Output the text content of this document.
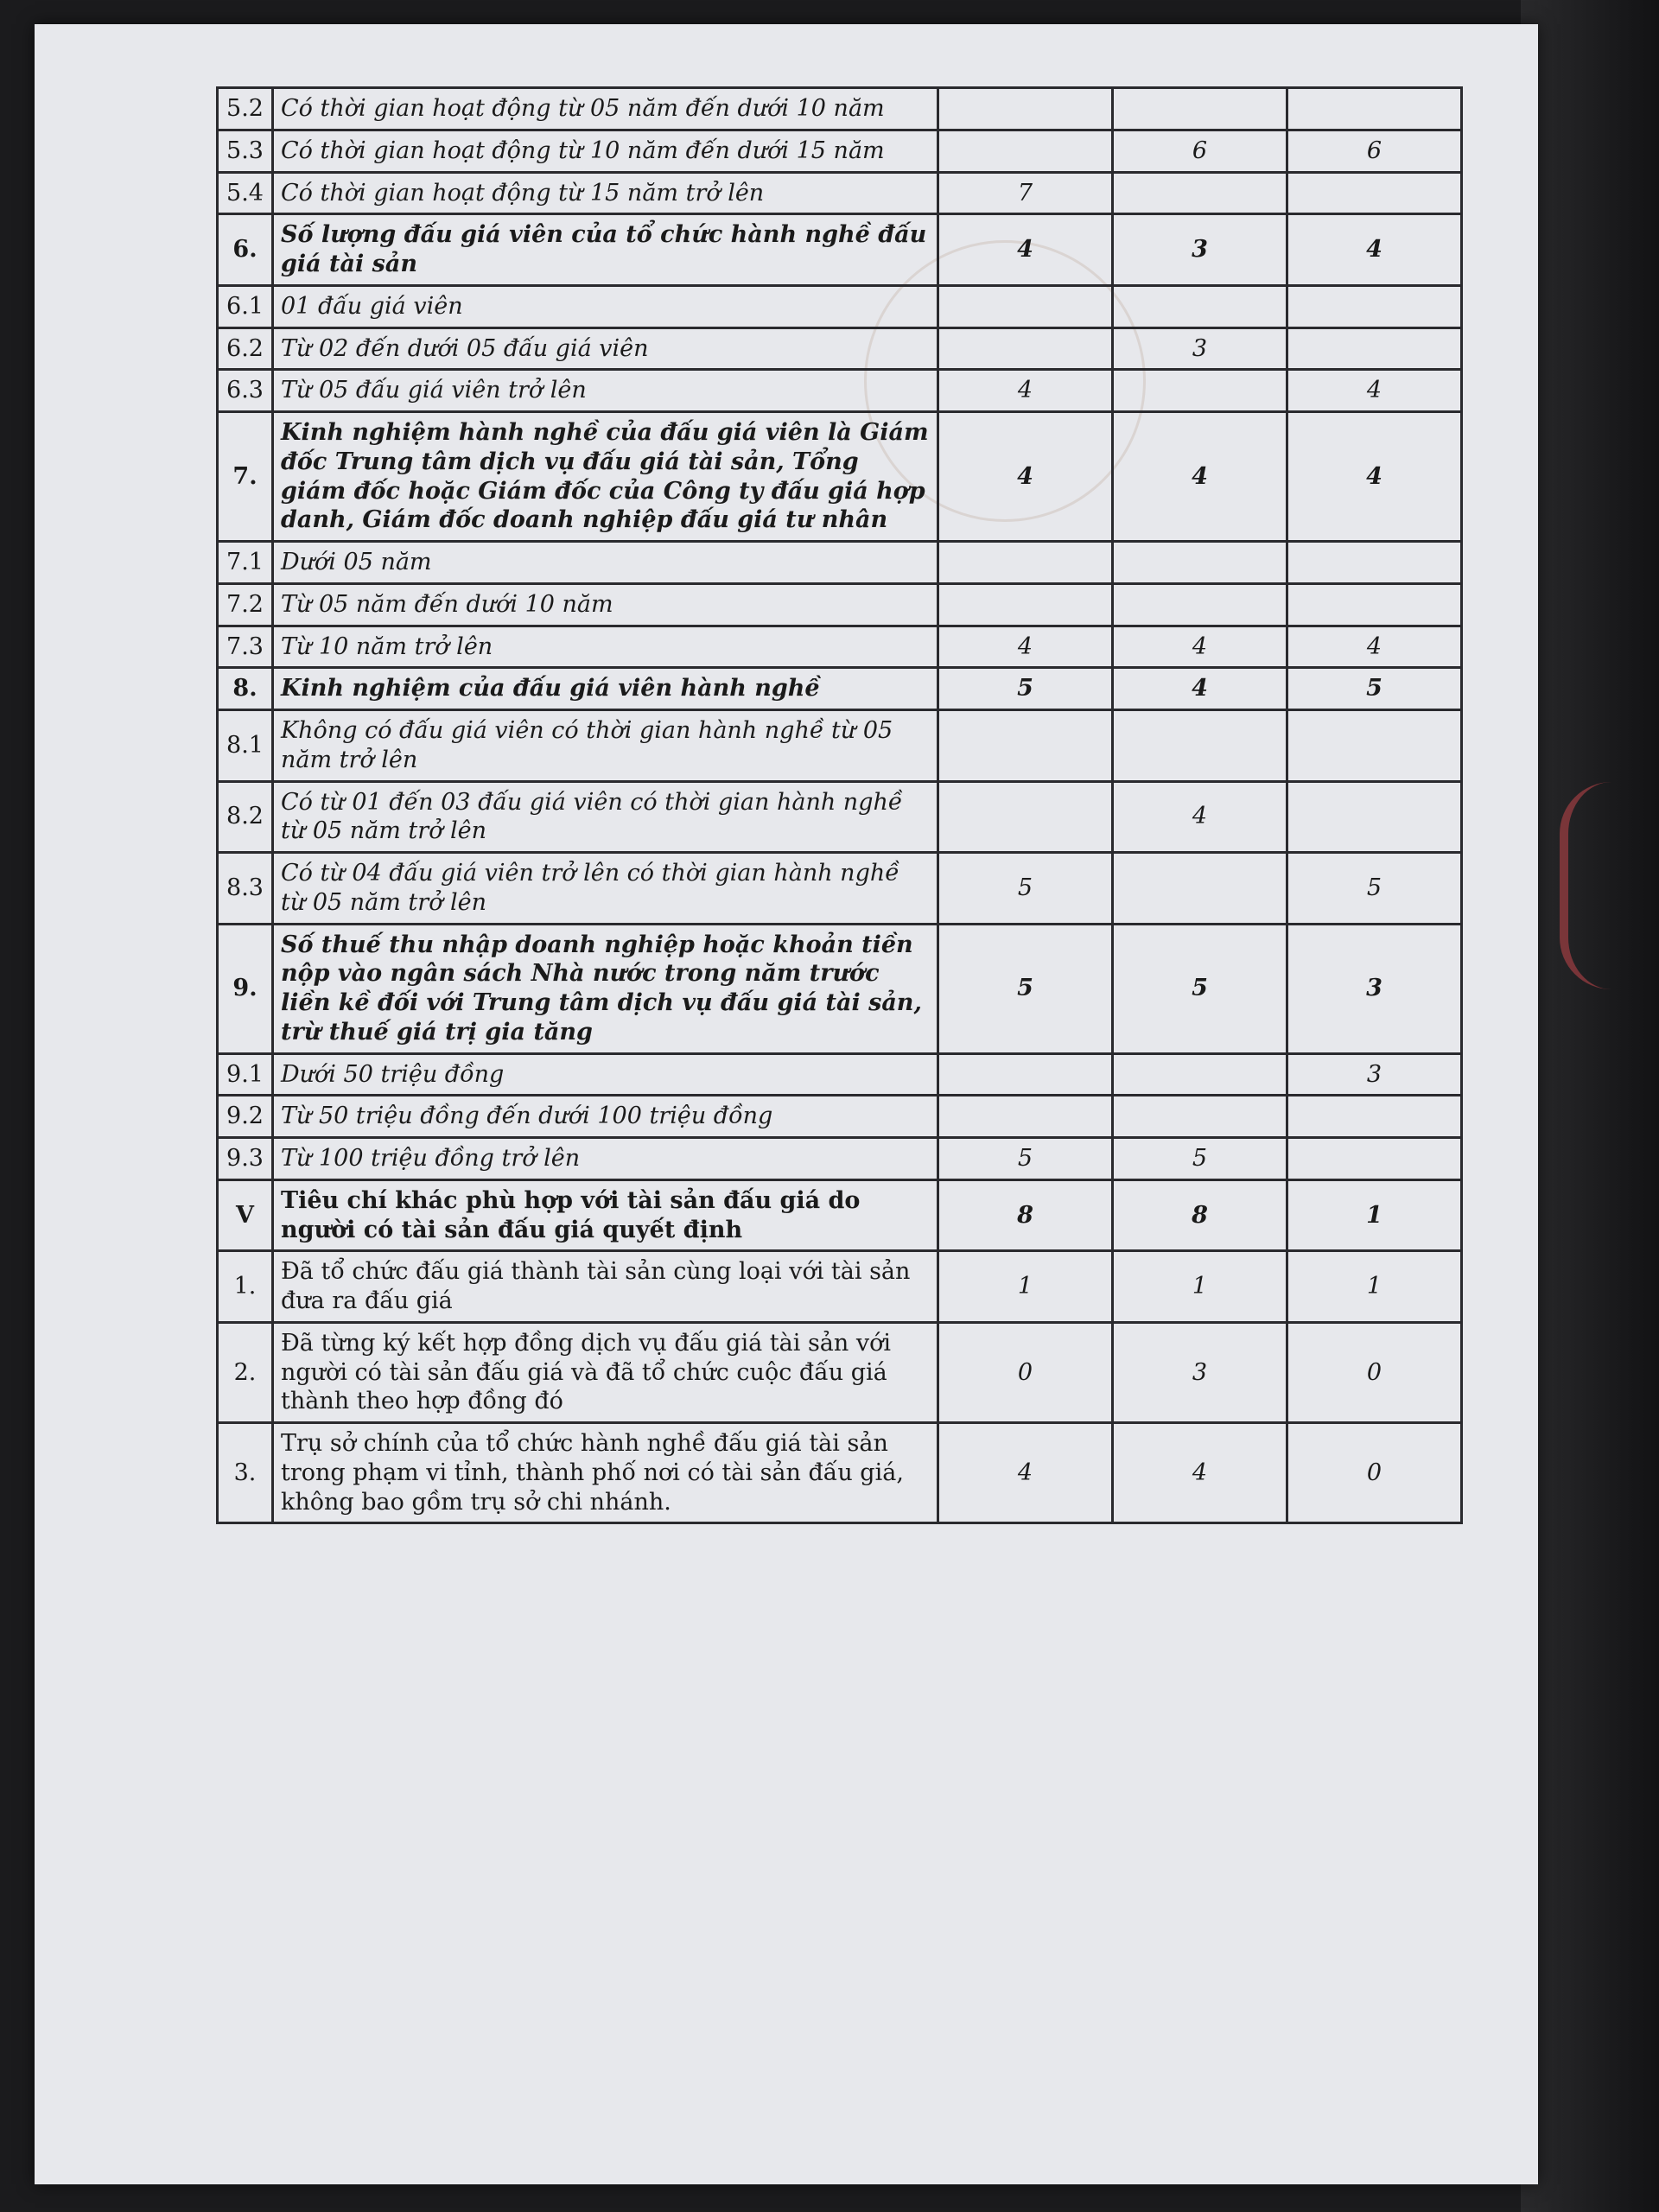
5.2	Có thời gian hoạt động từ 05 năm đến dưới 10 năm			
5.3	Có thời gian hoạt động từ 10 năm đến dưới 15 năm		6	6
5.4	Có thời gian hoạt động từ 15 năm trở lên	7		
6.	Số lượng đấu giá viên của tổ chức hành nghề đấu giá tài sản	4	3	4
6.1	01 đấu giá viên			
6.2	Từ 02 đến dưới 05 đấu giá viên		3	
6.3	Từ 05 đấu giá viên trở lên	4		4
7.	Kinh nghiệm hành nghề của đấu giá viên là Giám đốc Trung tâm dịch vụ đấu giá tài sản, Tổng giám đốc hoặc Giám đốc của Công ty đấu giá hợp danh, Giám đốc doanh nghiệp đấu giá tư nhân	4	4	4
7.1	Dưới 05 năm			
7.2	Từ 05 năm đến dưới 10 năm			
7.3	Từ 10 năm trở lên	4	4	4
8.	Kinh nghiệm của đấu giá viên hành nghề	5	4	5
8.1	Không có đấu giá viên có thời gian hành nghề từ 05 năm trở lên			
8.2	Có từ 01 đến 03 đấu giá viên có thời gian hành nghề từ 05 năm trở lên		4	
8.3	Có từ 04 đấu giá viên trở lên có thời gian hành nghề từ 05 năm trở lên	5		5
9.	Số thuế thu nhập doanh nghiệp hoặc khoản tiền nộp vào ngân sách Nhà nước trong năm trước liền kề đối với Trung tâm dịch vụ đấu giá tài sản, trừ thuế giá trị gia tăng	5	5	3
9.1	Dưới 50 triệu đồng			3
9.2	Từ 50 triệu đồng đến dưới 100 triệu đồng			
9.3	Từ 100 triệu đồng trở lên	5	5	
V	Tiêu chí khác phù hợp với tài sản đấu giá do người có tài sản đấu giá quyết định	8	8	1
1.	Đã tổ chức đấu giá thành tài sản cùng loại với tài sản đưa ra đấu giá	1	1	1
2.	Đã từng ký kết hợp đồng dịch vụ đấu giá tài sản với người có tài sản đấu giá và đã tổ chức cuộc đấu giá thành theo hợp đồng đó	0	3	0
3.	Trụ sở chính của tổ chức hành nghề đấu giá tài sản trong phạm vi tỉnh, thành phố nơi có tài sản đấu giá, không bao gồm trụ sở chi nhánh.	4	4	0
